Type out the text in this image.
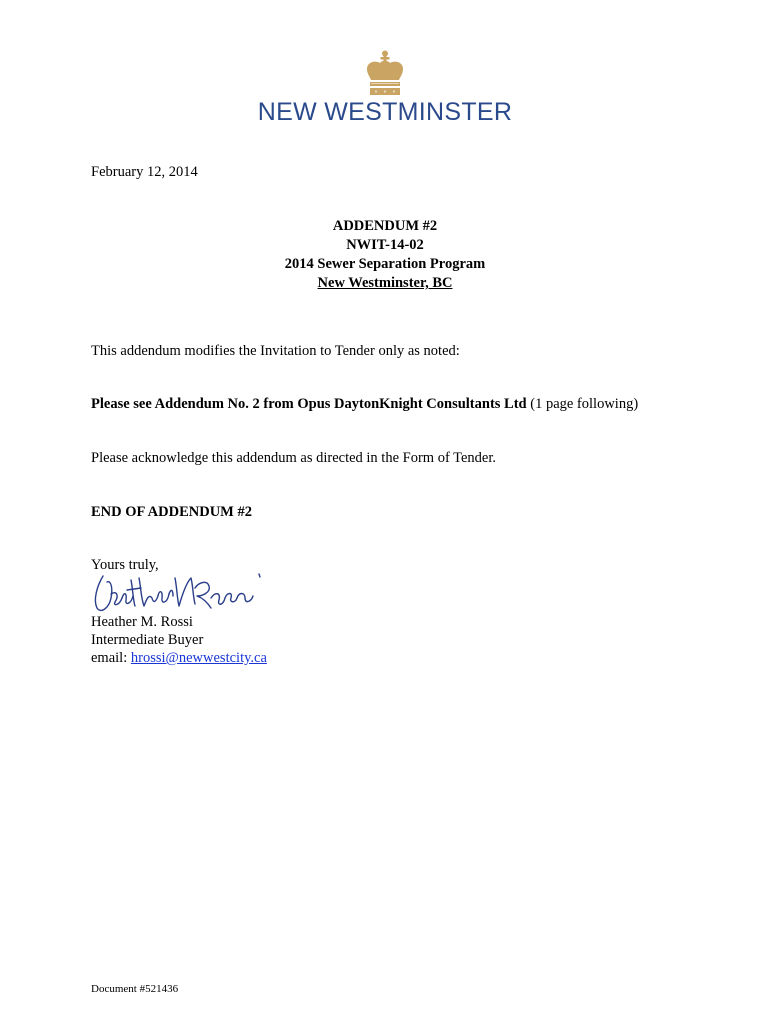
NEW WESTMINSTER
February 12, 2014
ADDENDUM #2
NWIT-14-02
2014 Sewer Separation Program
New Westminster, BC
This addendum modifies the Invitation to Tender only as noted:
Please see Addendum No. 2 from Opus DaytonKnight Consultants Ltd (1 page following)
Please acknowledge this addendum as directed in the Form of Tender.
END OF ADDENDUM #2
Yours truly,
Heather M. Rossi
Intermediate Buyer
email: hrossi@newwestcity.ca
Document #521436
